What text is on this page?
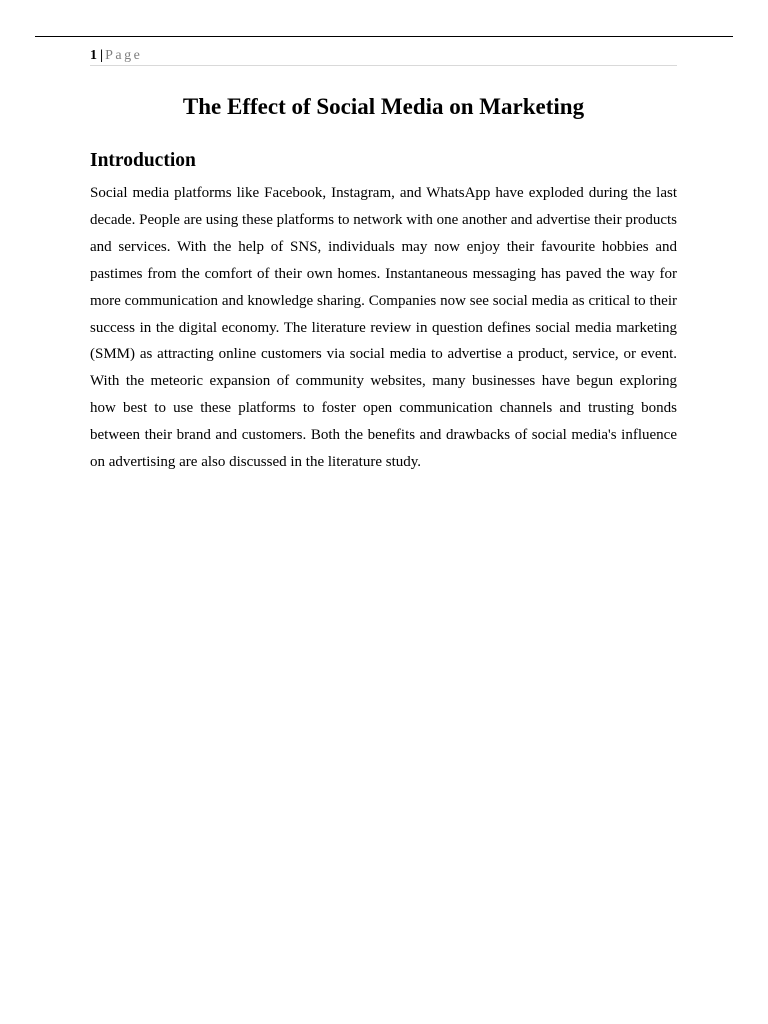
1 | Page
The Effect of Social Media on Marketing
Introduction

Social media platforms like Facebook, Instagram, and WhatsApp have exploded during the last decade. People are using these platforms to network with one another and advertise their products and services. With the help of SNS, individuals may now enjoy their favourite hobbies and pastimes from the comfort of their own homes. Instantaneous messaging has paved the way for more communication and knowledge sharing. Companies now see social media as critical to their success in the digital economy. The literature review in question defines social media marketing (SMM) as attracting online customers via social media to advertise a product, service, or event. With the meteoric expansion of community websites, many businesses have begun exploring how best to use these platforms to foster open communication channels and trusting bonds between their brand and customers. Both the benefits and drawbacks of social media's influence on advertising are also discussed in the literature study.
